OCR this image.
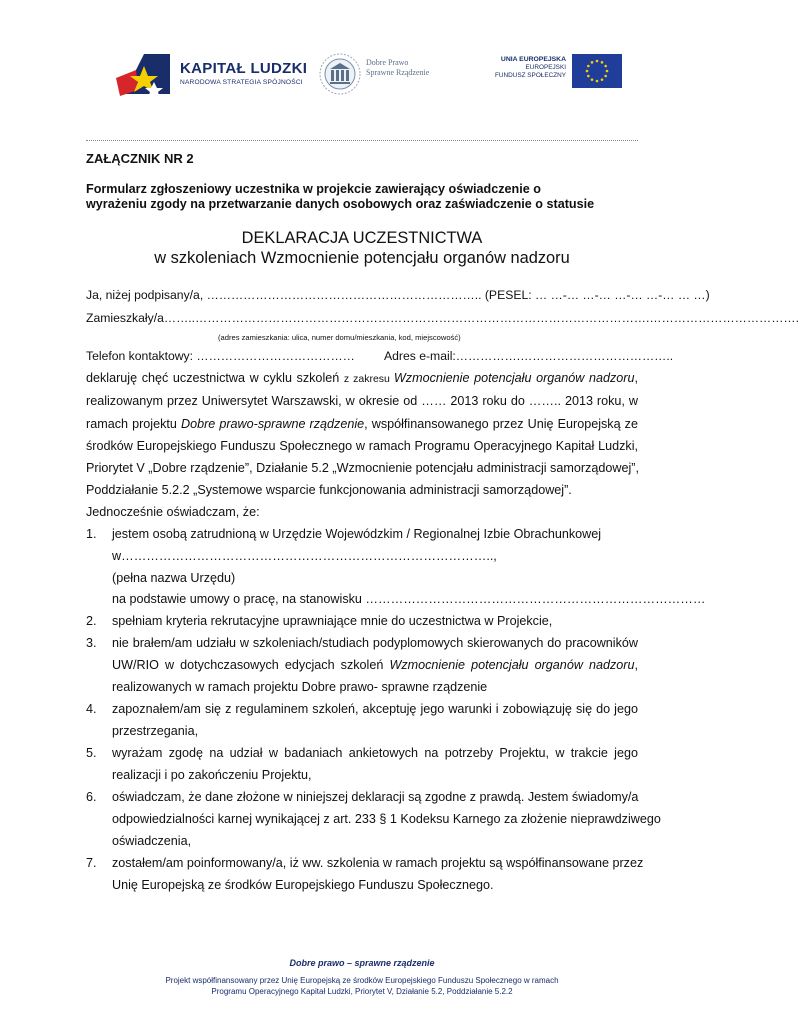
KAPITAŁ LUDZKI
NARODOWA STRATEGIA SPÓJNOŚCI
Dobre Prawo
Sprawne Rządzenie
UNIA EUROPEJSKA
EUROPEJSKI
FUNDUSZ SPOŁECZNY
ZAŁĄCZNIK NR 2
Formularz zgłoszeniowy uczestnika w projekcie zawierający oświadczenie o
wyrażeniu zgody na przetwarzanie danych osobowych oraz zaświadczenie o statusie
DEKLARACJA UCZESTNICTWA
w szkoleniach Wzmocnienie potencjału organów nadzoru
Ja, niżej podpisany/a, ………………………………………………………….. (PESEL: … …-… …-… …-… …-… … …)
Zamieszkały/a……..………………………………………………………………………………………………….……………………………….
(adres zamieszkania: ulica, numer domu/mieszkania, kod, miejscowość)
Telefon kontaktowy: ………………………………… Adres e-mail:…………….………………………………..
deklaruję chęć uczestnictwa w cyklu szkoleń z zakresu Wzmocnienie potencjału organów nadzoru,
realizowanym przez Uniwersytet Warszawski, w okresie od …… 2013 roku do …….. 2013 roku, w
ramach projektu Dobre prawo-sprawne rządzenie, współfinansowanego przez Unię Europejską ze
środków Europejskiego Funduszu Społecznego w ramach Programu Operacyjnego Kapitał Ludzki,
Priorytet V „Dobre rządzenie”, Działanie 5.2 „Wzmocnienie potencjału administracji samorządowej”,
Poddziałanie 5.2.2 „Systemowe wsparcie funkcjonowania administracji samorządowej”.
Jednocześnie oświadczam, że:
1. jestem osobą zatrudnioną w Urzędzie Wojewódzkim / Regionalnej Izbie Obrachunkowej
w……………………………………………………………………………..,
(pełna nazwa Urzędu)
na podstawie umowy o pracę, na stanowisku ………………………………………………………………………
2. spełniam kryteria rekrutacyjne uprawniające mnie do uczestnictwa w Projekcie,
3. nie brałem/am udziału w szkoleniach/studiach podyplomowych skierowanych do pracowników
UW/RIO w dotychczasowych edycjach szkoleń Wzmocnienie potencjału organów nadzoru,
realizowanych w ramach projektu Dobre prawo- sprawne rządzenie
4. zapoznałem/am się z regulaminem szkoleń, akceptuję jego warunki i zobowiązuję się do jego
przestrzegania,
5. wyrażam zgodę na udział w badaniach ankietowych na potrzeby Projektu, w trakcie jego
realizacji i po zakończeniu Projektu,
6. oświadczam, że dane złożone w niniejszej deklaracji są zgodne z prawdą. Jestem świadomy/a
odpowiedzialności karnej wynikającej z art. 233 § 1 Kodeksu Karnego za złożenie nieprawdziwego
oświadczenia,
7. zostałem/am poinformowany/a, iż ww. szkolenia w ramach projektu są współfinansowane przez
Unię Europejską ze środków Europejskiego Funduszu Społecznego.
Dobre prawo – sprawne rządzenie
Projekt współfinansowany przez Unię Europejską ze środków Europejskiego Funduszu Społecznego w ramach
Programu Operacyjnego Kapitał Ludzki, Priorytet V, Działanie 5.2, Poddziałanie 5.2.2
